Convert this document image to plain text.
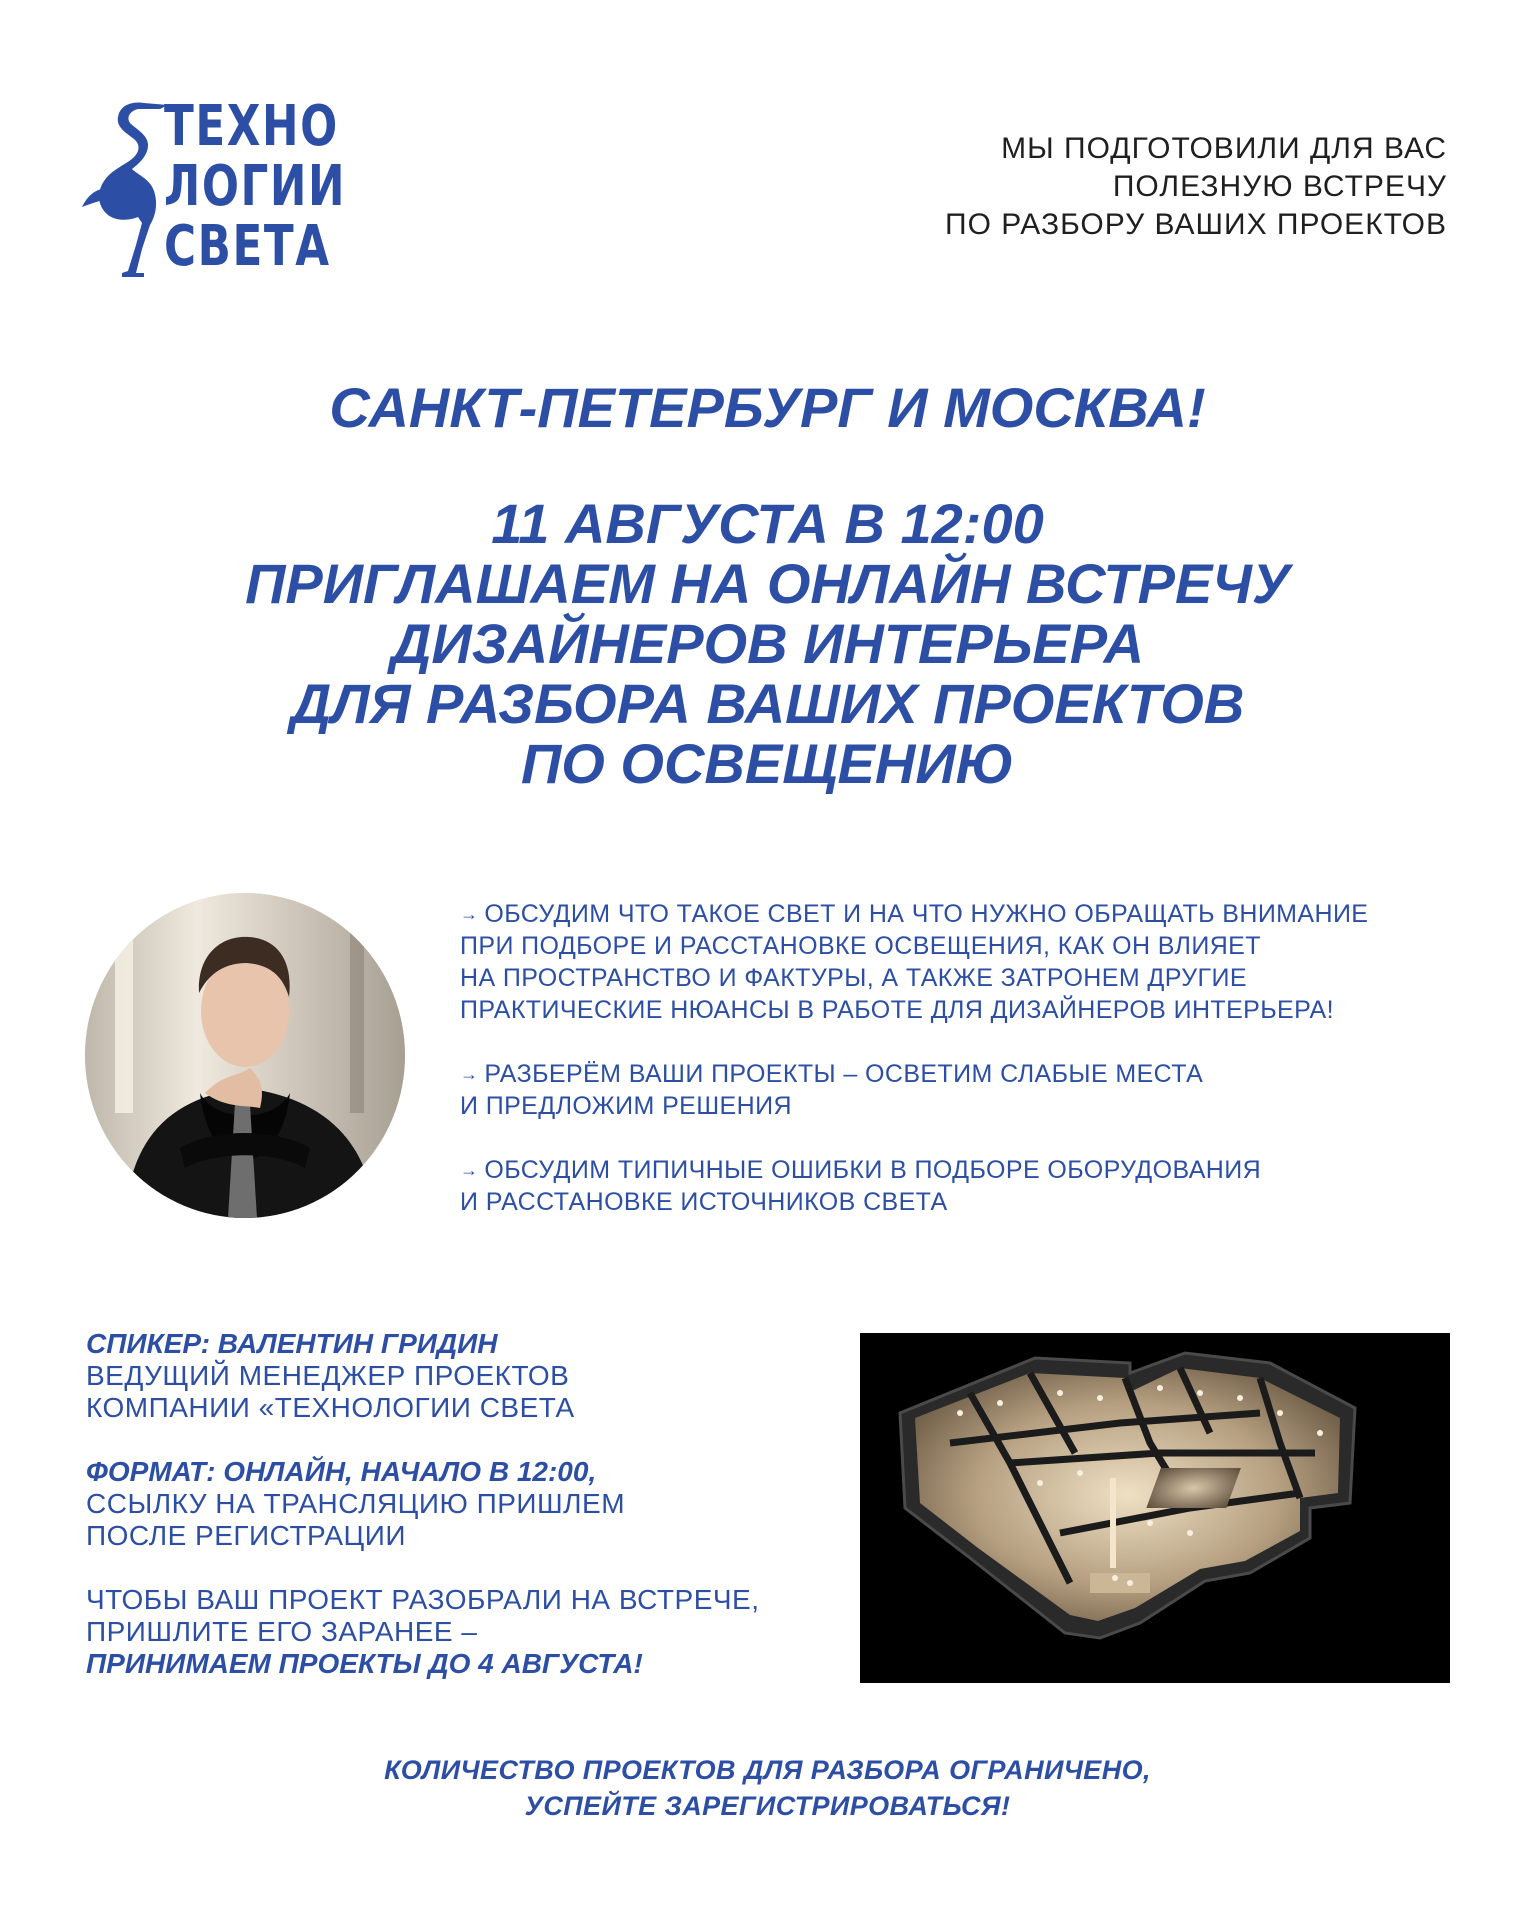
ТЕХНО
ЛОГИИ
СВЕТА
МЫ ПОДГОТОВИЛИ ДЛЯ ВАС
ПОЛЕЗНУЮ ВСТРЕЧУ
ПО РАЗБОРУ ВАШИХ ПРОЕКТОВ
САНКТ-ПЕТЕРБУРГ И МОСКВА!
11 АВГУСТА В 12:00
ПРИГЛАШАЕМ НА ОНЛАЙН ВСТРЕЧУ
ДИЗАЙНЕРОВ ИНТЕРЬЕРА
ДЛЯ РАЗБОРА ВАШИХ ПРОЕКТОВ
ПО ОСВЕЩЕНИЮ
→ ОБСУДИМ ЧТО ТАКОЕ СВЕТ И НА ЧТО НУЖНО ОБРАЩАТЬ ВНИМАНИЕ
ПРИ ПОДБОРЕ И РАССТАНОВКЕ ОСВЕЩЕНИЯ, КАК ОН ВЛИЯЕТ
НА ПРОСТРАНСТВО И ФАКТУРЫ, А ТАКЖЕ ЗАТРОНЕМ ДРУГИЕ
ПРАКТИЧЕСКИЕ НЮАНСЫ В РАБОТЕ ДЛЯ ДИЗАЙНЕРОВ ИНТЕРЬЕРА!
→ РАЗБЕРЁМ ВАШИ ПРОЕКТЫ – ОСВЕТИМ СЛАБЫЕ МЕСТА
И ПРЕДЛОЖИМ РЕШЕНИЯ
→ ОБСУДИМ ТИПИЧНЫЕ ОШИБКИ В ПОДБОРЕ ОБОРУДОВАНИЯ
И РАССТАНОВКЕ ИСТОЧНИКОВ СВЕТА
СПИКЕР: ВАЛЕНТИН ГРИДИН
ВЕДУЩИЙ МЕНЕДЖЕР ПРОЕКТОВ
КОМПАНИИ «ТЕХНОЛОГИИ СВЕТА
ФОРМАТ: ОНЛАЙН, НАЧАЛО В 12:00,
ССЫЛКУ НА ТРАНСЛЯЦИЮ ПРИШЛЕМ
ПОСЛЕ РЕГИСТРАЦИИ
ЧТОБЫ ВАШ ПРОЕКТ РАЗОБРАЛИ НА ВСТРЕЧЕ,
ПРИШЛИТЕ ЕГО ЗАРАНЕЕ –
ПРИНИМАЕМ ПРОЕКТЫ ДО 4 АВГУСТА!
КОЛИЧЕСТВО ПРОЕКТОВ ДЛЯ РАЗБОРА ОГРАНИЧЕНО,
УСПЕЙТЕ ЗАРЕГИСТРИРОВАТЬСЯ!
